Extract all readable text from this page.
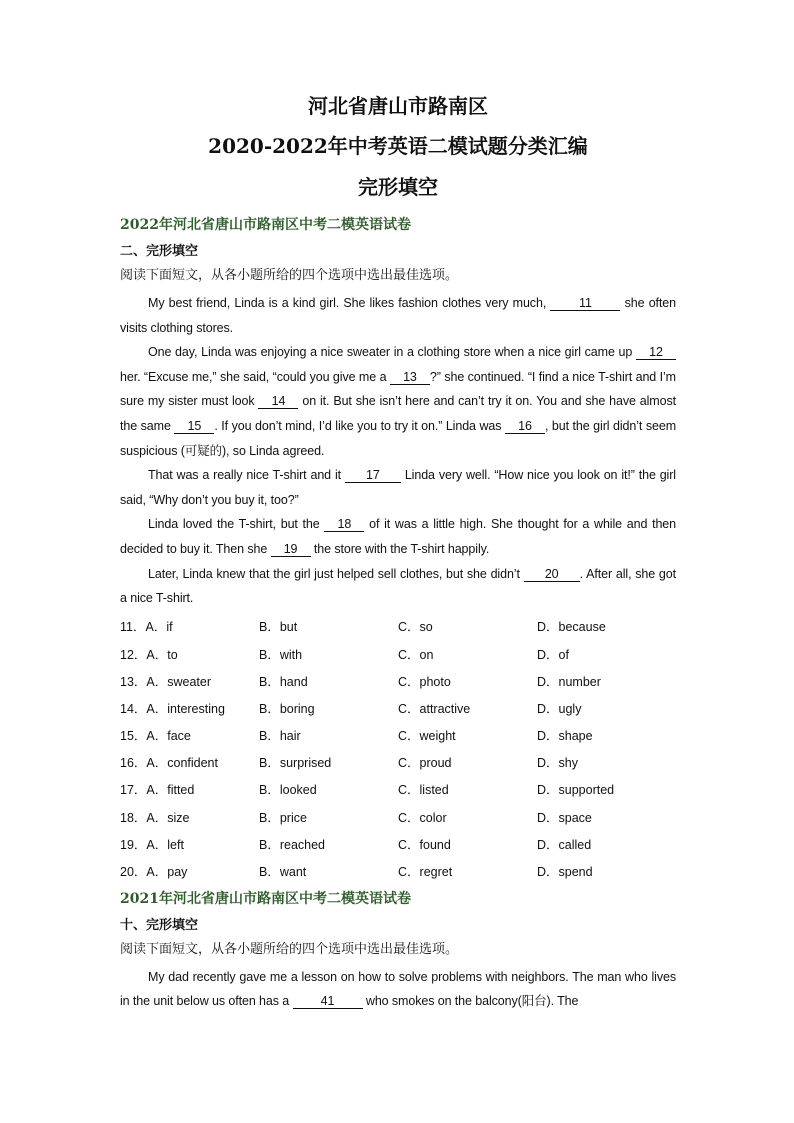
河北省唐山市路南区
2020-2022年中考英语二模试题分类汇编
完形填空
2022年河北省唐山市路南区中考二模英语试卷
二、完形填空
阅读下面短文，从各小题所给的四个选项中选出最佳选项。

My best friend, Linda is a kind girl. She likes fashion clothes very much, 11 she often visits clothing stores.

One day, Linda was enjoying a nice sweater in a clothing store when a nice girl came up 12 her. “Excuse me,” she said, “could you give me a 13 ?” she continued. “I find a nice T-shirt and I’m sure my sister must look 14 on it. But she isn’t here and can’t try it on. You and she have almost the same 15 . If you don’t mind, I’d like you to try it on.” Linda was 16 , but the girl didn’t seem suspicious (可疑的), so Linda agreed.

That was a really nice T-shirt and it 17 Linda very well. “How nice you look on it!” the girl said, “Why don’t you buy it, too?”

Linda loved the T-shirt, but the 18 of it was a little high. She thought for a while and then decided to buy it. Then she 19 the store with the T-shirt happily.

Later, Linda knew that the girl just helped sell clothes, but she didn’t 20 . After all, she got a nice T-shirt.

11．A．if	B．but	C．so	D．because
12．A．to	B．with	C．on	D．of
13．A．sweater	B．hand	C．photo	D．number
14．A．interesting	B．boring	C．attractive	D．ugly
15．A．face	B．hair	C．weight	D．shape
16．A．confident	B．surprised	C．proud	D．shy
17．A．fitted	B．looked	C．listed	D．supported
18．A．size	B．price	C．color	D．space
19．A．left	B．reached	C．found	D．called
20．A．pay	B．want	C．regret	D．spend
2021年河北省唐山市路南区中考二模英语试卷
十、完形填空
阅读下面短文，从各小题所给的四个选项中选出最佳选项。

My dad recently gave me a lesson on how to solve problems with neighbors. The man who lives in the unit below us often has a 41 who smokes on the balcony(阳台). The
